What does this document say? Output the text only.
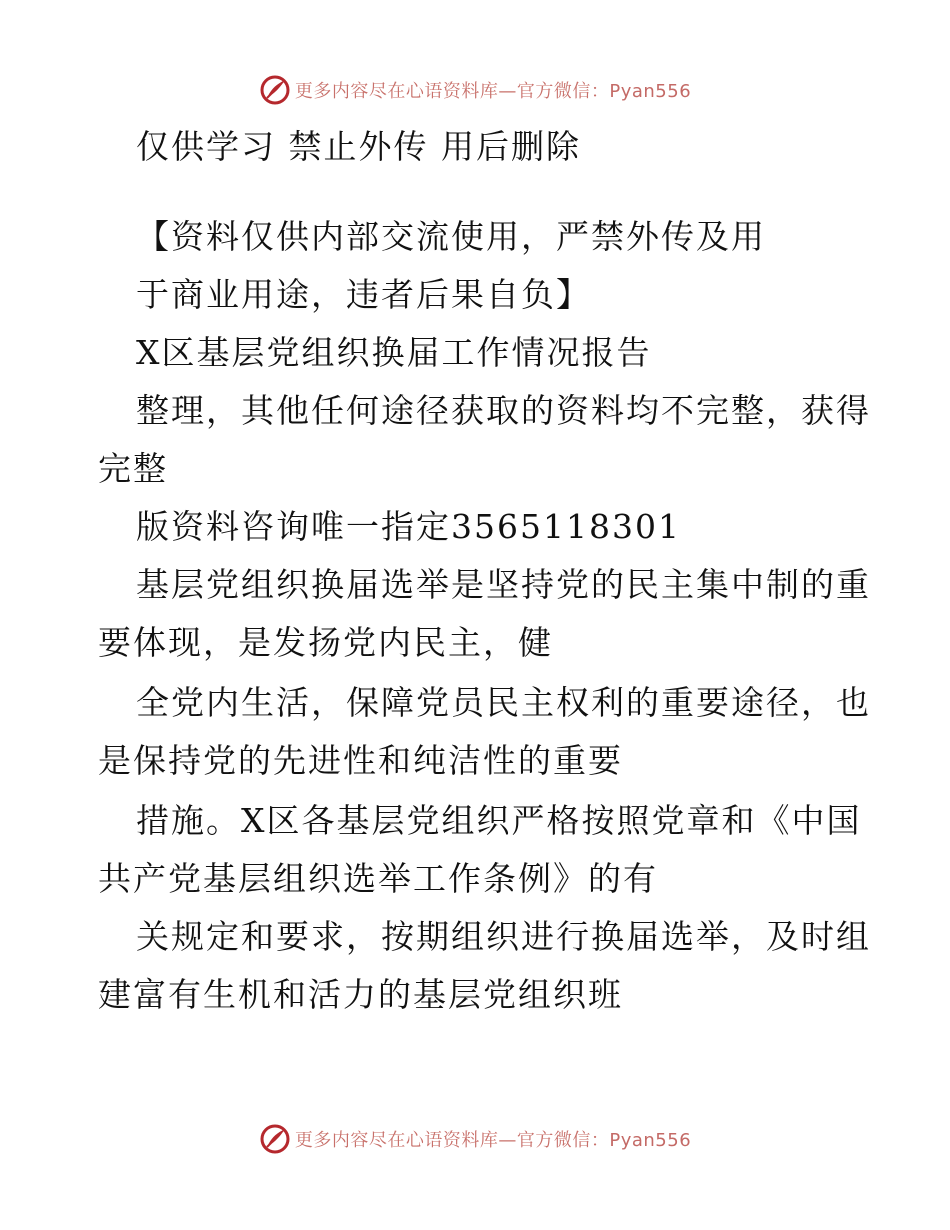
更多内容尽在心语资料库—官方微信：Pyan556
仅供学习 禁止外传 用后删除
【资料仅供内部交流使用，严禁外传及用
于商业用途，违者后果自负】
X区基层党组织换届工作情况报告
整理，其他任何途径获取的资料均不完整，获得
完整
版资料咨询唯一指定3565118301
基层党组织换届选举是坚持党的民主集中制的重
要体现，是发扬党内民主，健
全党内生活，保障党员民主权利的重要途径，也
是保持党的先进性和纯洁性的重要
措施。X区各基层党组织严格按照党章和《中国
共产党基层组织选举工作条例》的有
关规定和要求，按期组织进行换届选举，及时组
建富有生机和活力的基层党组织班
更多内容尽在心语资料库—官方微信：Pyan556
